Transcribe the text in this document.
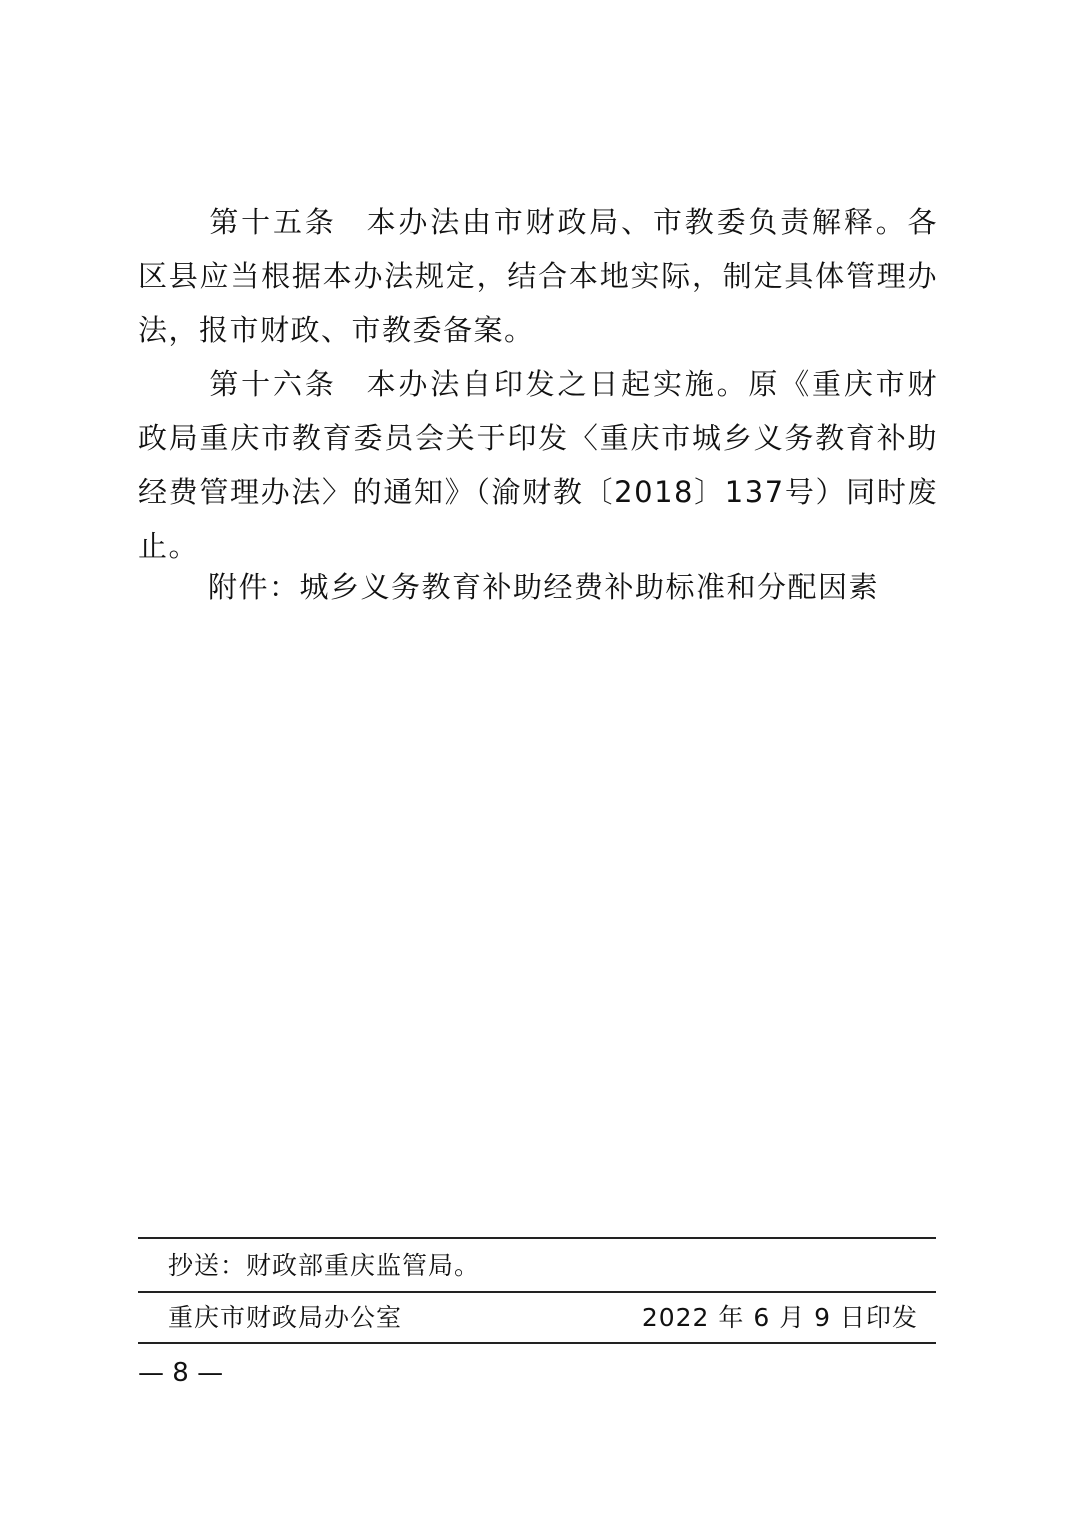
第十五条 本办法由市财政局、市教委负责解释。各区县应当根据本办法规定，结合本地实际，制定具体管理办法，报市财政、市教委备案。

第十六条 本办法自印发之日起实施。原《重庆市财政局重庆市教育委员会关于印发〈重庆市城乡义务教育补助经费管理办法〉的通知》（渝财教〔2018〕137号）同时废止。

附件：城乡义务教育补助经费补助标准和分配因素

抄送：财政部重庆监管局。
重庆市财政局办公室	2022 年 6 月 9 日印发
— 8 —
